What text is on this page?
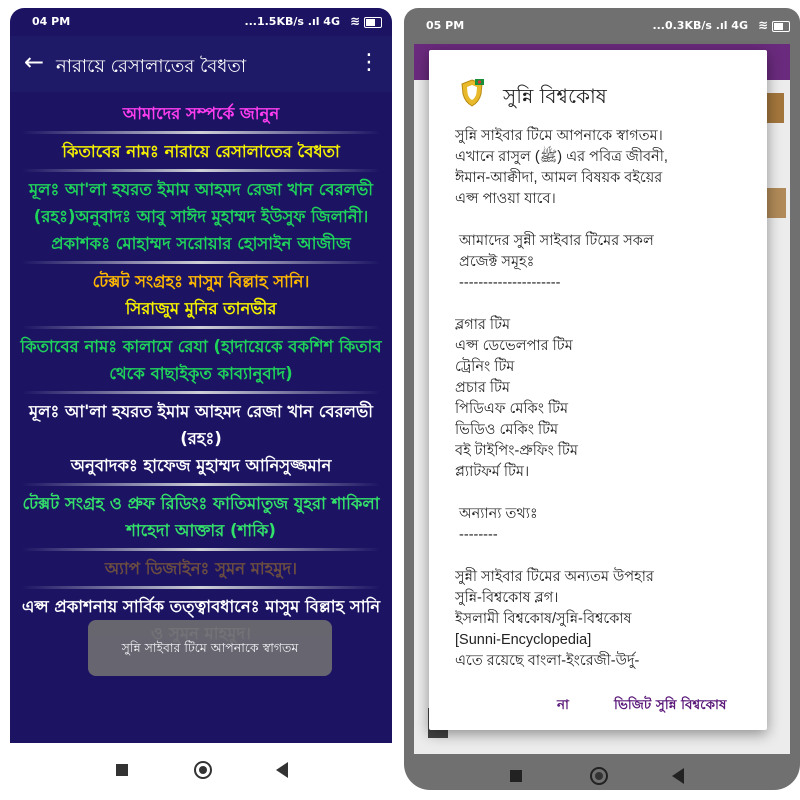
04 PM	...1.5KB/s .ıl 4G ≋
← নারায়ে রেসালাতের বৈধতা	⋮
আমাদের সম্পর্কে জানুন
কিতাবের নামঃ নারায়ে রেসালাতের বৈধতা
মূলঃ আ'লা হযরত ইমাম আহমদ রেজা খান বেরলভী (রহঃ)অনুবাদঃ আবু সাঈদ মুহাম্মদ ইউসুফ জিলানী।
প্রকাশকঃ মোহাম্মদ সরোয়ার হোসাইন আজীজ
টেক্সট সংগ্রহঃ মাসুম বিল্লাহ সানি।
সিরাজুম মুনির তানভীর
কিতাবের নামঃ কালামে রেযা (হাদায়েকে বকশিশ কিতাব থেকে বাছাইকৃত কাব্যানুবাদ)
মূলঃ আ'লা হযরত ইমাম আহমদ রেজা খান বেরলভী (রহঃ)
অনুবাদকঃ হাফেজ মুহাম্মদ আনিসুজ্জমান
টেক্সট সংগ্রহ ও প্রুফ রিডিংঃ ফাতিমাতুজ যুহরা শাকিলা
শাহেদা আক্তার (শাকি)
অ্যাপ ডিজাইনঃ সুমন মাহমুদ।
এপ্স প্রকাশনায় সার্বিক তত্ত্বাবধানেঃ মাসুম বিল্লাহ সানি
সুন্নি সাইবার টিমে আপনাকে স্বাগতম
05 PM	...0.3KB/s .ıl 4G ≋
সুন্নি বিশ্বকোষ
সুন্নি সাইবার টিমে আপনাকে স্বাগতম।
এখানে রাসুল (ﷺ) এর পবিত্র জীবনী,
ঈমান-আক্বীদা, আমল বিষয়ক বইয়ের
এপ্স পাওয়া যাবে।

আমাদের সুন্নী সাইবার টিমের সকল
প্রজেক্ট সমূহঃ
---------------------

ব্লগার টিম
এপ্স ডেভেলপার টিম
ট্রেনিং টিম
প্রচার টিম
পিডিএফ মেকিং টিম
ভিডিও মেকিং টিম
বই টাইপিং-প্রুফিং টিম
প্ল্যাটফর্ম টিম।

অন্যান্য তথ্যঃ
--------

সুন্নী সাইবার টিমের অন্যতম উপহার
সুন্নি-বিশ্বকোষ ব্লগ।
ইসলামী বিশ্বকোষ/সুন্নি-বিশ্বকোষ
[Sunni-Encyclopedia]
এতে রয়েছে বাংলা-ইংরেজী-উর্দু-
না	ভিজিট সুন্নি বিশ্বকোষ
